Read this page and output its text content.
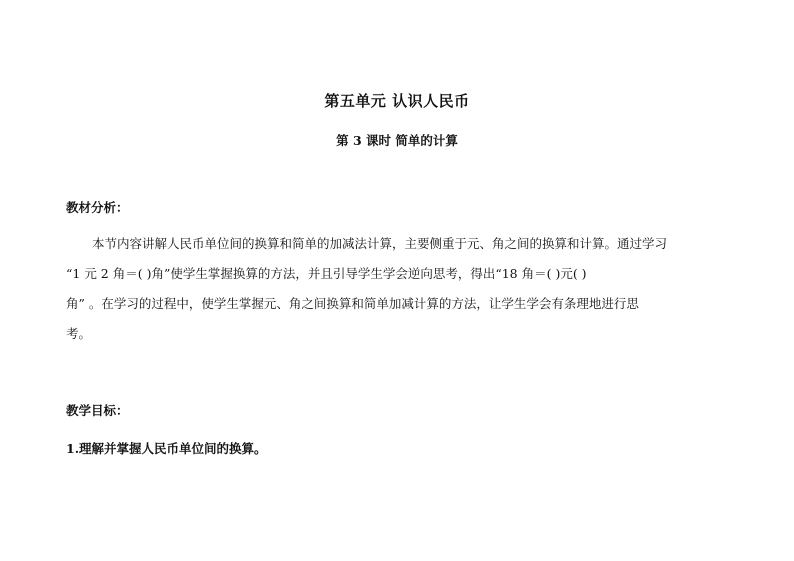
第五单元 认识人民币
第 3 课时 简单的计算
教材分析：
本节内容讲解人民币单位间的换算和简单的加减法计算，主要侧重于元、角之间的换算和计算。通过学习
“1 元 2 角＝( )角”使学生掌握换算的方法，并且引导学生学会逆向思考，得出“18 角＝( )元( )
角” 。在学习的过程中，使学生掌握元、角之间换算和简单加减计算的方法，让学生学会有条理地进行思
考。
教学目标：
1.理解并掌握人民币单位间的换算。
